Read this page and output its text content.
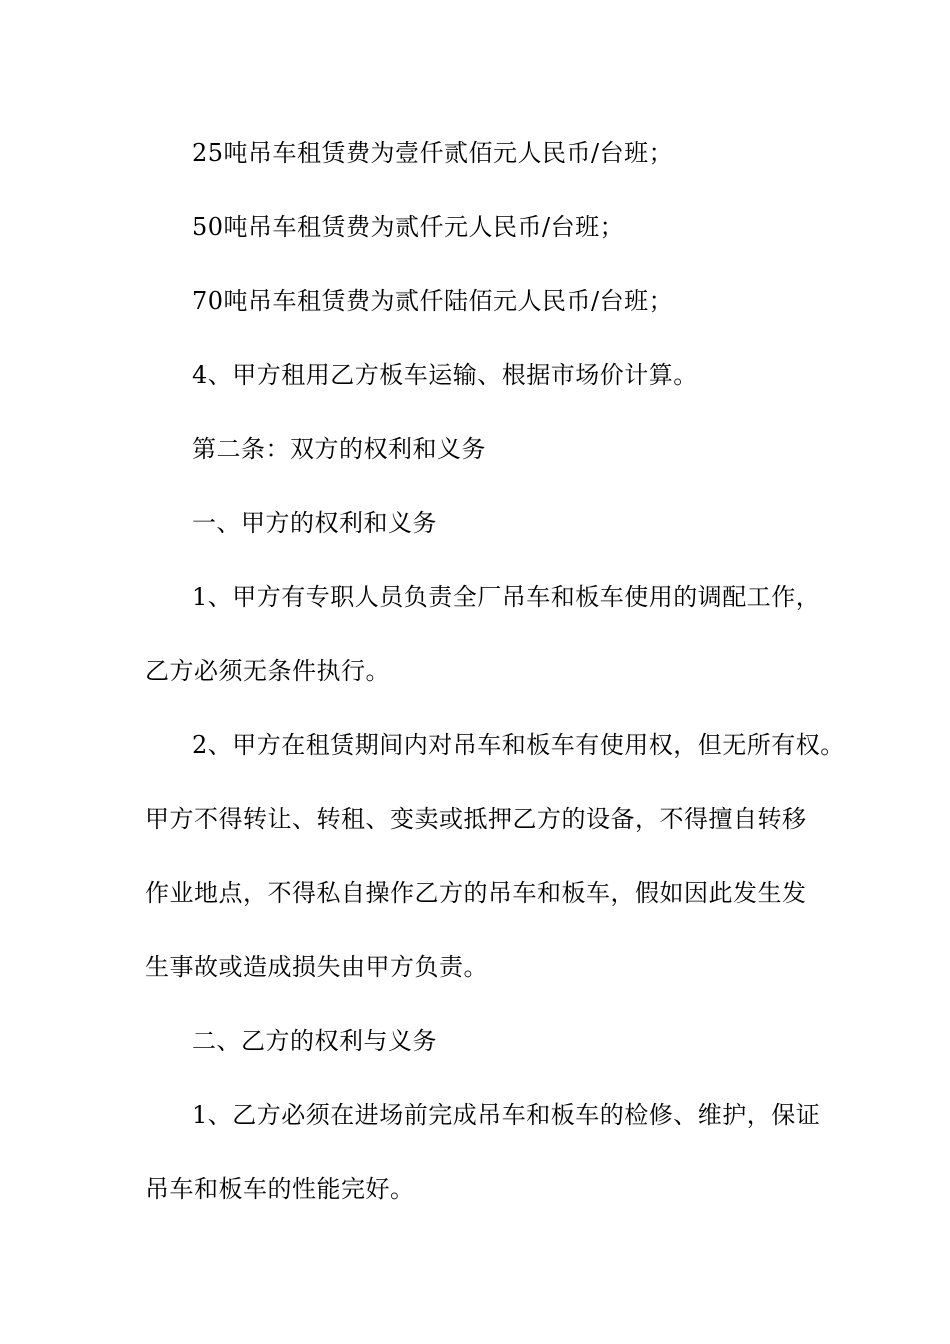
25吨吊车租赁费为壹仟贰佰元人民币/台班；
50吨吊车租赁费为贰仟元人民币/台班；
70吨吊车租赁费为贰仟陆佰元人民币/台班；
4、甲方租用乙方板车运输、根据市场价计算。
第二条：双方的权利和义务
一、甲方的权利和义务
1、甲方有专职人员负责全厂吊车和板车使用的调配工作，
乙方必须无条件执行。
2、甲方在租赁期间内对吊车和板车有使用权，但无所有权。
甲方不得转让、转租、变卖或抵押乙方的设备，不得擅自转移
作业地点，不得私自操作乙方的吊车和板车，假如因此发生发
生事故或造成损失由甲方负责。
二、乙方的权利与义务
1、乙方必须在进场前完成吊车和板车的检修、维护，保证
吊车和板车的性能完好。
